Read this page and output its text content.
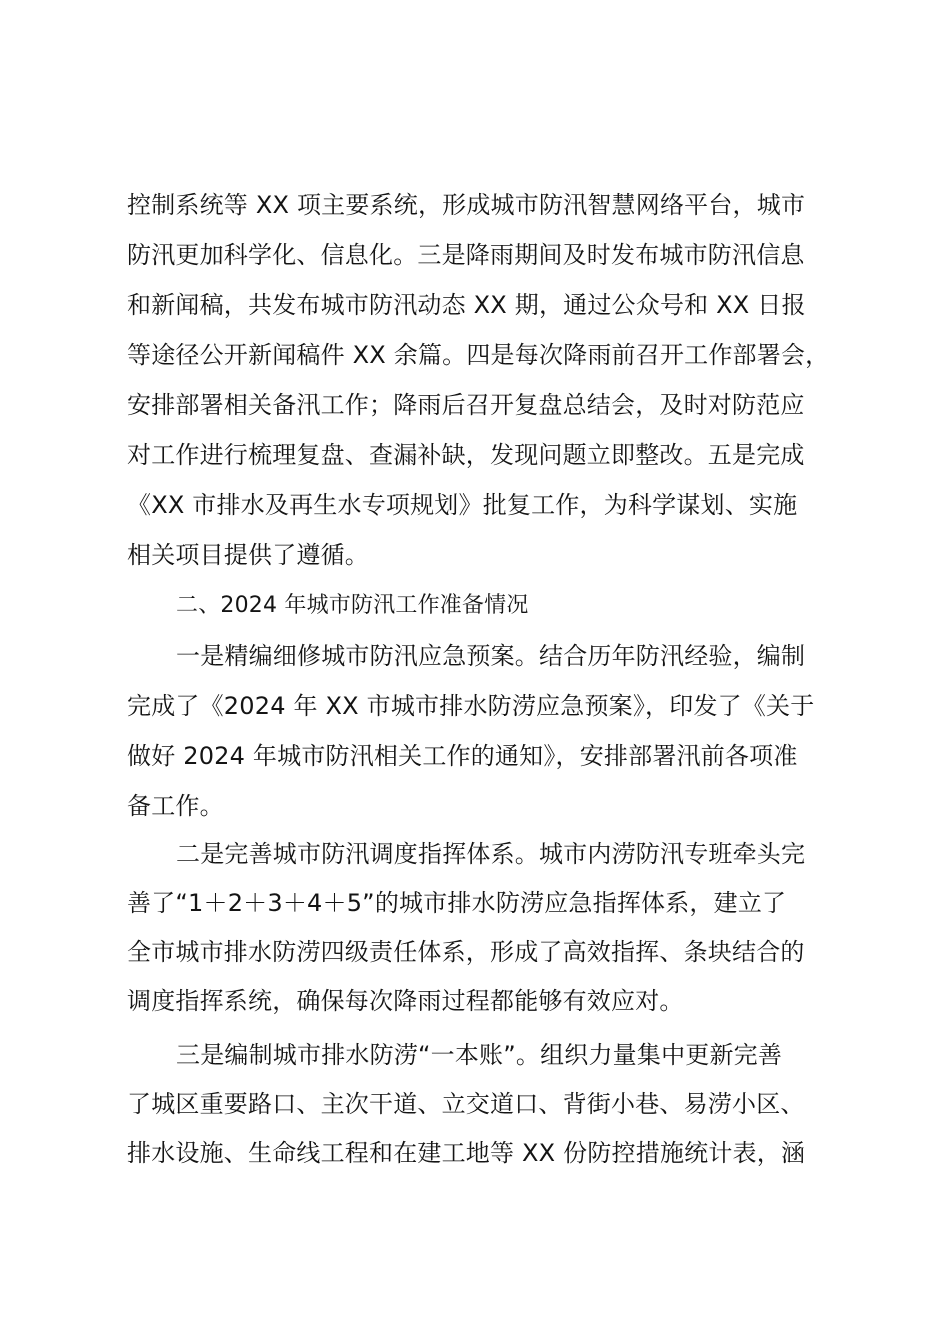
控制系统等 XX 项主要系统，形成城市防汛智慧网络平台，城市
防汛更加科学化、信息化。三是降雨期间及时发布城市防汛信息
和新闻稿，共发布城市防汛动态 XX 期，通过公众号和 XX 日报
等途径公开新闻稿件 XX 余篇。四是每次降雨前召开工作部署会，
安排部署相关备汛工作；降雨后召开复盘总结会，及时对防范应
对工作进行梳理复盘、查漏补缺，发现问题立即整改。五是完成
《XX 市排水及再生水专项规划》批复工作，为科学谋划、实施
相关项目提供了遵循。
二、2024 年城市防汛工作准备情况
一是精编细修城市防汛应急预案。结合历年防汛经验，编制
完成了《2024 年 XX 市城市排水防涝应急预案》，印发了《关于
做好 2024 年城市防汛相关工作的通知》，安排部署汛前各项准
备工作。
二是完善城市防汛调度指挥体系。城市内涝防汛专班牵头完
善了“1＋2＋3＋4＋5”的城市排水防涝应急指挥体系，建立了
全市城市排水防涝四级责任体系，形成了高效指挥、条块结合的
调度指挥系统，确保每次降雨过程都能够有效应对。
三是编制城市排水防涝“一本账”。组织力量集中更新完善
了城区重要路口、主次干道、立交道口、背街小巷、易涝小区、
排水设施、生命线工程和在建工地等 XX 份防控措施统计表，涵
